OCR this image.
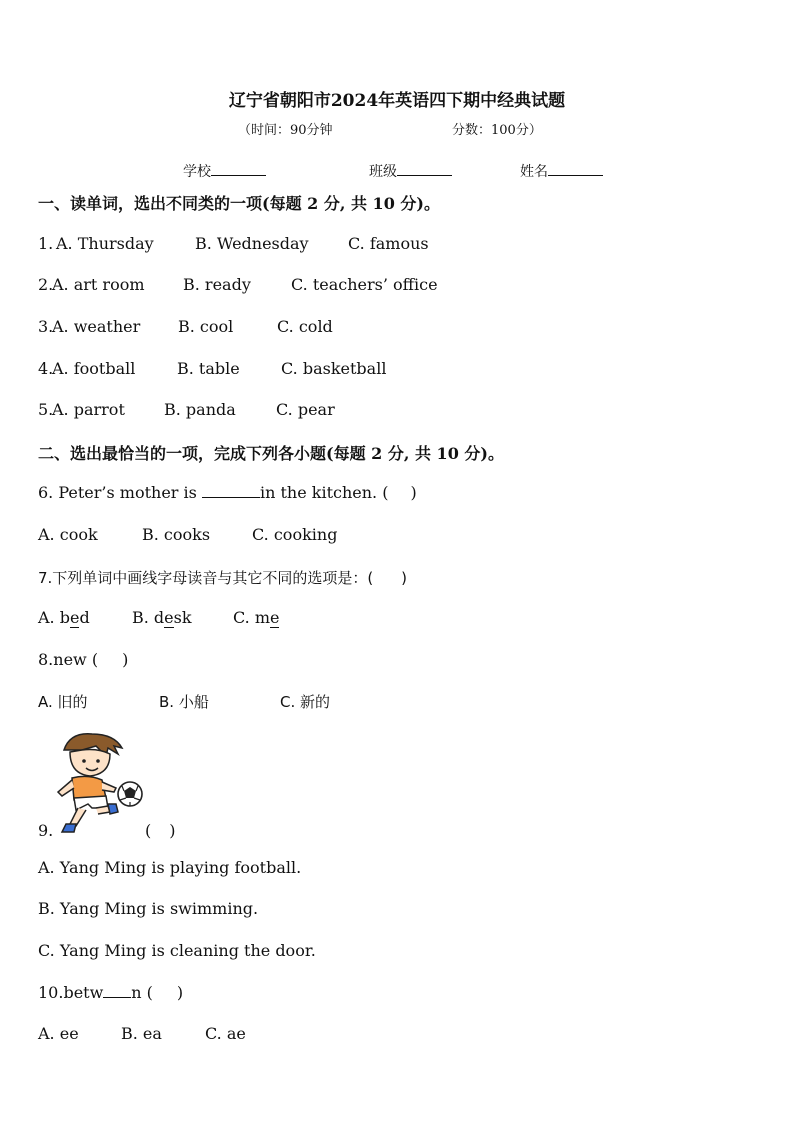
辽宁省朝阳市2024年英语四下期中经典试题
（时间：90分钟	分数：100分）
学校	班级	姓名
一、读单词，选出不同类的一项(每题 2 分, 共 10 分)。
1. A. Thursday	B. Wednesday C. famous
2.
A. art room B. ready	C. teachers’ office
3.
A. weather B. cool	C. cold
4.
A. football	B. table	C. basketball
5.
A. parrot B. panda	C. pear
二、选出最恰当的一项，完成下列各小题(每题 2 分, 共 10 分)。
6. Peter’s mother is	in the kitchen. ( )
A. cook	B. cooks	C. cooking
7.下列单词中画线字母读音与其它不同的选项是：( )
A. bed	B. desk	C. me
8.new ( )
A. 旧的	B. 小船	C. 新的
9.	( )
A. Yang Ming is playing football.
B. Yang Ming is swimming.
C. Yang Ming is cleaning the door.
10.betw n ( )
A. ee	B. ea	C. ae
